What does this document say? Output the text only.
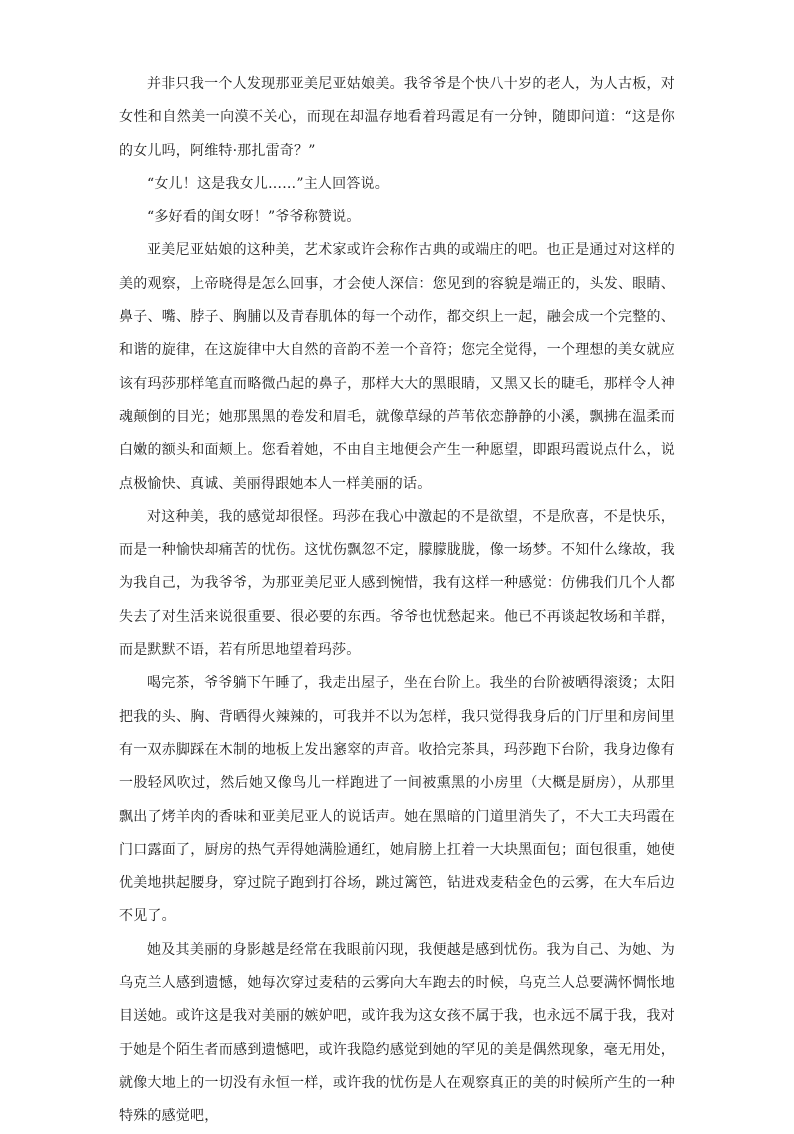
并非只我一个人发现那亚美尼亚姑娘美。我爷爷是个快八十岁的老人，为人古板，对女性和自然美一向漠不关心，而现在却温存地看着玛霞足有一分钟，随即问道：“这是你的女儿吗，阿维特·那扎雷奇？”

“女儿！这是我女儿……”主人回答说。

“多好看的闺女呀！”爷爷称赞说。

亚美尼亚姑娘的这种美，艺术家或许会称作古典的或端庄的吧。也正是通过对这样的美的观察，上帝晓得是怎么回事，才会使人深信：您见到的容貌是端正的，头发、眼睛、鼻子、嘴、脖子、胸脯以及青春肌体的每一个动作，都交织上一起，融会成一个完整的、和谐的旋律，在这旋律中大自然的音韵不差一个音符；您完全觉得，一个理想的美女就应该有玛莎那样笔直而略微凸起的鼻子，那样大大的黑眼睛，又黑又长的睫毛，那样令人神魂颠倒的目光；她那黑黑的卷发和眉毛，就像草绿的芦苇依恋静静的小溪，飘拂在温柔而白嫩的额头和面颊上。您看着她，不由自主地便会产生一种愿望，即跟玛霞说点什么，说点极愉快、真诚、美丽得跟她本人一样美丽的话。

对这种美，我的感觉却很怪。玛莎在我心中激起的不是欲望，不是欣喜，不是快乐，而是一种愉快却痛苦的忧伤。这忧伤飘忽不定，朦朦胧胧，像一场梦。不知什么缘故，我为我自己，为我爷爷，为那亚美尼亚人感到惋惜，我有这样一种感觉：仿佛我们几个人都失去了对生活来说很重要、很必要的东西。爷爷也忧愁起来。他已不再谈起牧场和羊群，而是默默不语，若有所思地望着玛莎。

喝完茶，爷爷躺下午睡了，我走出屋子，坐在台阶上。我坐的台阶被晒得滚烫；太阳把我的头、胸、背晒得火辣辣的，可我并不以为怎样，我只觉得我身后的门厅里和房间里有一双赤脚踩在木制的地板上发出窸窣的声音。收拾完茶具，玛莎跑下台阶，我身边像有一股轻风吹过，然后她又像鸟儿一样跑进了一间被熏黑的小房里（大概是厨房），从那里飘出了烤羊肉的香味和亚美尼亚人的说话声。她在黑暗的门道里消失了，不大工夫玛霞在门口露面了，厨房的热气弄得她满脸通红，她肩膀上扛着一大块黑面包；面包很重，她使优美地拱起腰身，穿过院子跑到打谷场，跳过篱笆，钻进戏麦秸金色的云雾，在大车后边不见了。

她及其美丽的身影越是经常在我眼前闪现，我便越是感到忧伤。我为自己、为她、为乌克兰人感到遗憾，她每次穿过麦秸的云雾向大车跑去的时候，乌克兰人总要满怀惆怅地目送她。或许这是我对美丽的嫉妒吧，或许我为这女孩不属于我，也永远不属于我，我对于她是个陌生者而感到遗憾吧，或许我隐约感觉到她的罕见的美是偶然现象，毫无用处，就像大地上的一切没有永恒一样，或许我的忧伤是人在观察真正的美的时候所产生的一种特殊的感觉吧，
